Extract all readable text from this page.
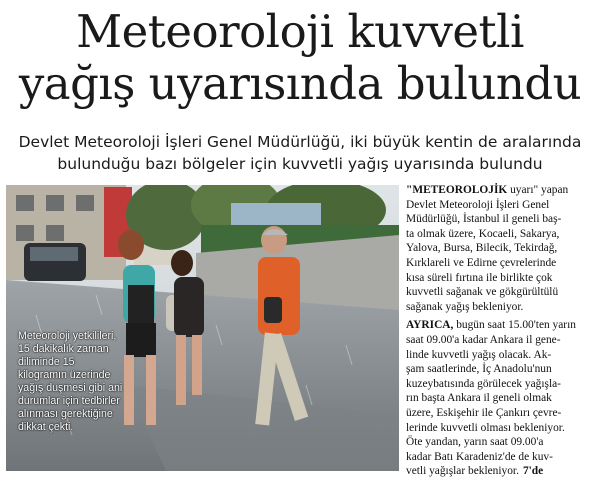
Meteoroloji kuvvetli
yağış uyarısında bulundu
Devlet Meteoroloji İşleri Genel Müdürlüğü, iki büyük kentin de aralarında
bulunduğu bazı bölgeler için kuvvetli yağış uyarısında bulundu
Meteoroloji yetkilileri,
15 dakikalık zaman
diliminde 15
kilogramın üzerinde
yağış düşmesi gibi ani
durumlar için tedbirler
alınması gerektiğine
dikkat çekti.
"METEOROLOJİK uyarı" yapan
Devlet Meteoroloji İşleri Genel
Müdürlüğü, İstanbul il geneli baş-
ta olmak üzere, Kocaeli, Sakarya,
Yalova, Bursa, Bilecik, Tekirdağ,
Kırklareli ve Edirne çevrelerinde
kısa süreli fırtına ile birlikte çok
kuvvetli sağanak ve gökgürültülü
sağanak yağış bekleniyor.
AYRICA, bugün saat 15.00'ten yarın
saat 09.00'a kadar Ankara il gene-
linde kuvvetli yağış olacak. Ak-
şam saatlerinde, İç Anadolu'nun
kuzeybatısında görülecek yağışla-
rın başta Ankara il geneli olmak
üzere, Eskişehir ile Çankırı çevre-
lerinde kuvvetli olması bekleniyor.
Öte yandan, yarın saat 09.00'a
kadar Batı Karadeniz'de de kuv-
vetli yağışlar bekleniyor. 7'de
